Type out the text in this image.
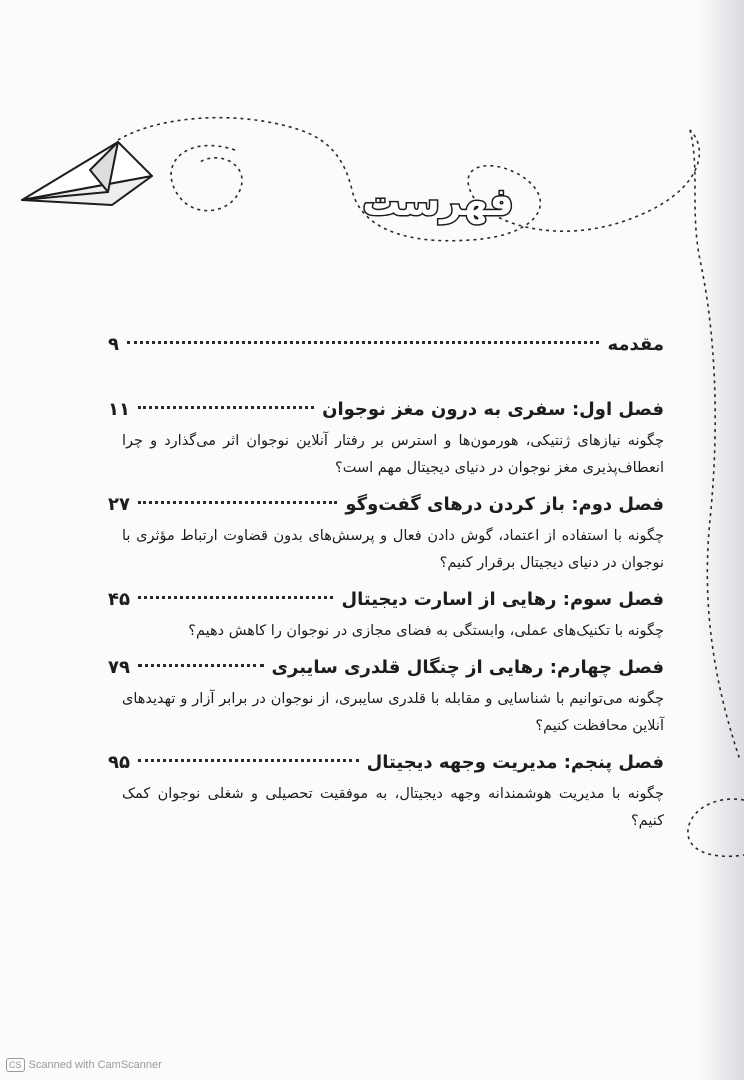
فهرست
مقدمه
۹
فصل اول: سفری به درون مغز نوجوان
۱۱
چگونه نیازهای ژنتیکی، هورمون‌ها و استرس بر رفتار آنلاین نوجوان اثر می‌گذارد و چرا انعطاف‌پذیری مغز نوجوان در دنیای دیجیتال مهم است؟
فصل دوم: باز کردن درهای گفت‌وگو
۲۷
چگونه با استفاده از اعتماد، گوش دادن فعال و پرسش‌های بدون قضاوت ارتباط مؤثری با نوجوان در دنیای دیجیتال برقرار کنیم؟
فصل سوم: رهایی از اسارت دیجیتال
۴۵
چگونه با تکنیک‌های عملی، وابستگی به فضای مجازی در نوجوان را کاهش دهیم؟
فصل چهارم: رهایی از چنگال قلدری سایبری
۷۹
چگونه می‌توانیم با شناسایی و مقابله با قلدری سایبری، از نوجوان در برابر آزار و تهدیدهای آنلاین محافظت کنیم؟
فصل پنجم: مدیریت وجهه دیجیتال
۹۵
چگونه با مدیریت هوشمندانه وجهه دیجیتال، به موفقیت تحصیلی و شغلی نوجوان کمک کنیم؟
CS Scanned with CamScanner
